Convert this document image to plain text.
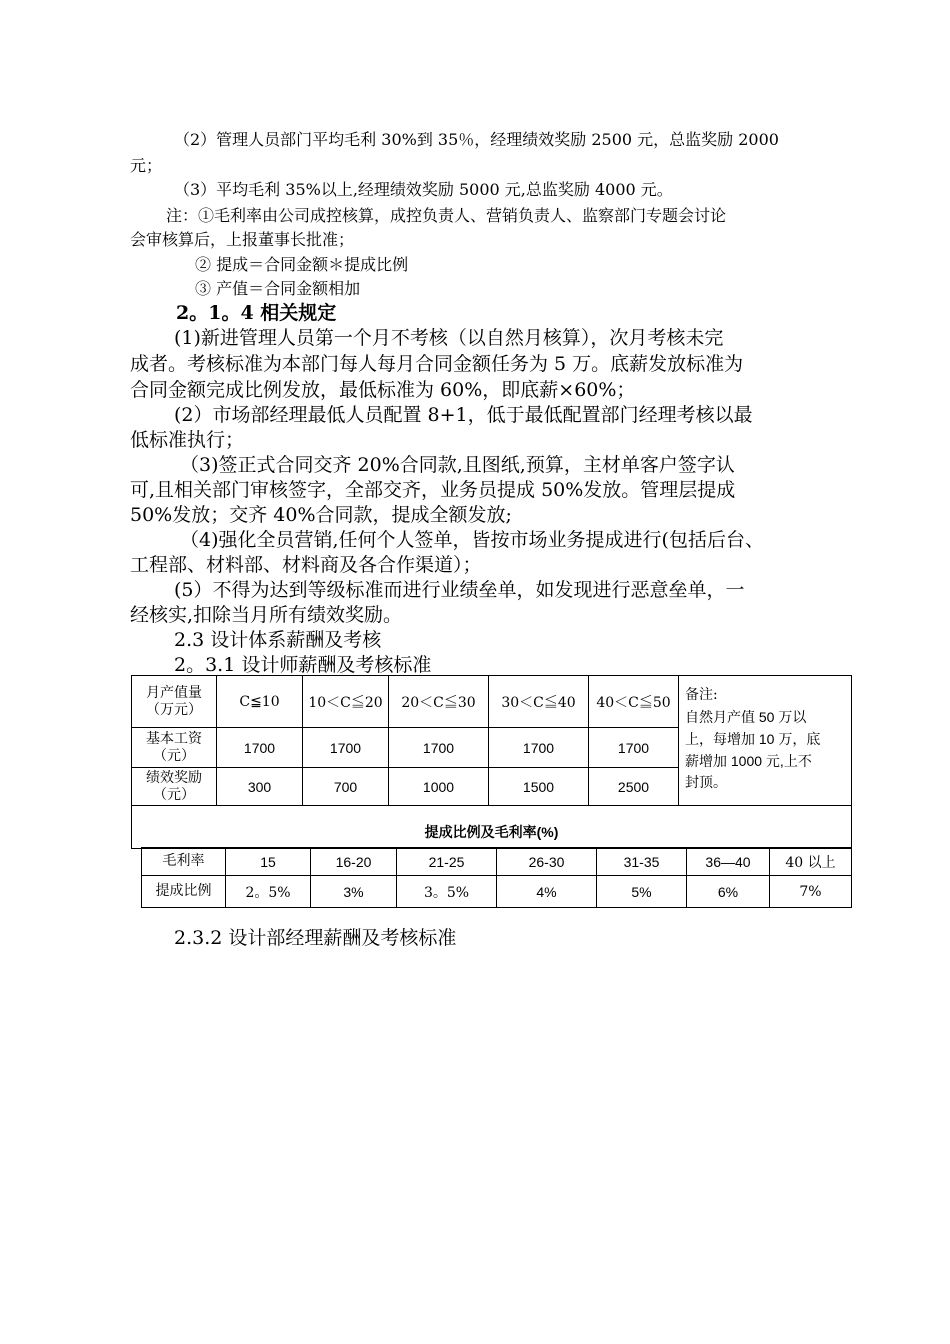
（2）管理人员部门平均毛利 30%到 35％，经理绩效奖励 2500 元，总监奖励 2000
元；
（3）平均毛利 35%以上,经理绩效奖励 5000 元,总监奖励 4000 元。
注：①毛利率由公司成控核算，成控负责人、营销负责人、监察部门专题会讨论
会审核算后，上报董事长批准；
② 提成＝合同金额＊提成比例
③ 产值＝合同金额相加
2。1。4 相关规定
(1)新进管理人员第一个月不考核（以自然月核算），次月考核未完
成者。考核标准为本部门每人每月合同金额任务为 5 万。底薪发放标准为
合同金额完成比例发放，最低标准为 60%，即底薪×60%；
(2）市场部经理最低人员配置 8+1，低于最低配置部门经理考核以最
低标准执行；
（3)签正式合同交齐 20%合同款,且图纸,预算，主材单客户签字认
可,且相关部门审核签字，全部交齐，业务员提成 50%发放。管理层提成
50%发放；交齐 40%合同款，提成全额发放;
（4)强化全员营销,任何个人签单，皆按市场业务提成进行(包括后台、
工程部、材料部、材料商及各合作渠道）；
(5）不得为达到等级标准而进行业绩垒单，如发现进行恶意垒单，一
经核实,扣除当月所有绩效奖励。
2.3 设计体系薪酬及考核
2。3.1 设计师薪酬及考核标准
月产值量
（万元）	C≦10	10＜C≦20	20＜C≦30	30＜C≦40	40＜C≦50	备注:
自然月产值 50 万以
上，每增加 10 万，底
薪增加 1000 元,上不
封顶。

基本工资
（元）	1700	1700	1700	1700	1700	

绩效奖励
（元）	300	700	1000	1500	2500	
提成比例及毛利率(%)						
毛利率	15	16-20	21-25	26-30	31-35	36—40	40 以上
提成比例	2。5%	3%	3。5%	4%	5%	6%	7%
2.3.2 设计部经理薪酬及考核标准
